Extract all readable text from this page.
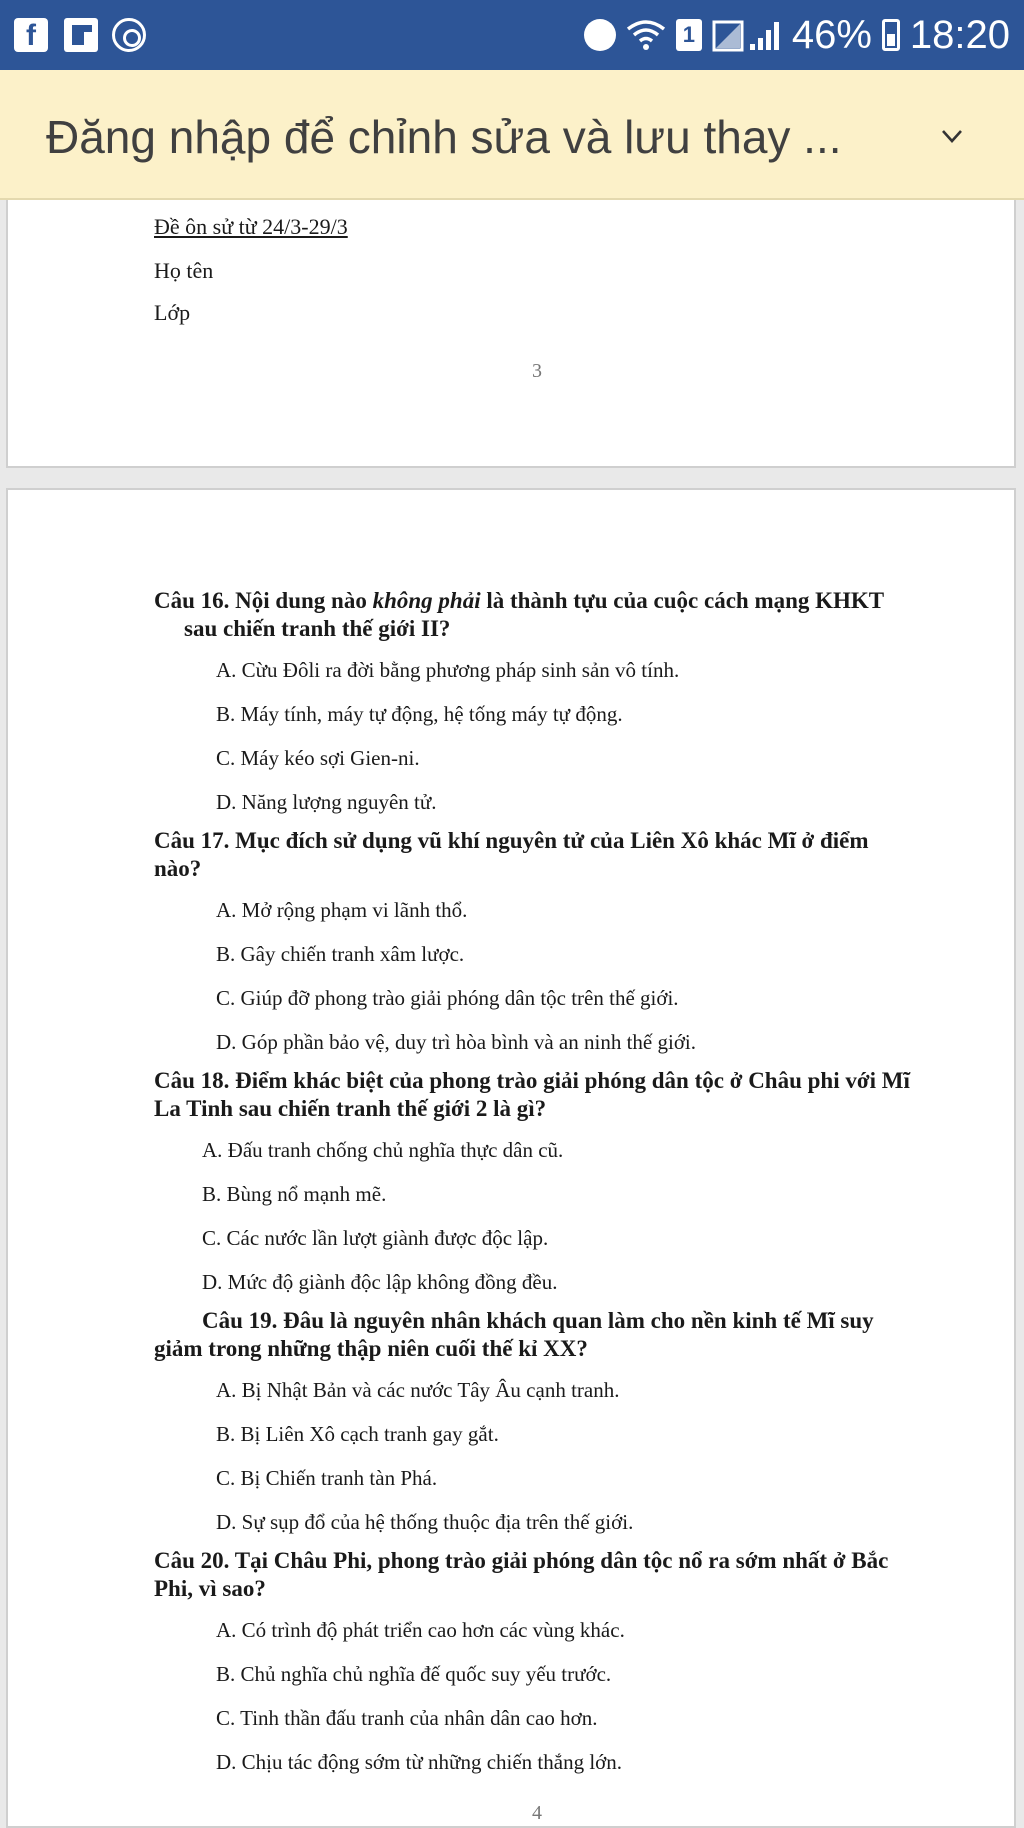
f	1 46% 18:20
Đăng nhập để chỉnh sửa và lưu thay ...
Đề ôn sử từ 24/3-29/3
Họ tên
Lớp
3
Câu 16. Nội dung nào không phải là thành tựu của cuộc cách mạng KHKT
sau chiến tranh thế giới II?
A. Cừu Đôli ra đời bằng phương pháp sinh sản vô tính.
B. Máy tính, máy tự động, hệ tống máy tự động.
C. Máy kéo sợi Gien-ni.
D. Năng lượng nguyên tử.
Câu 17. Mục đích sử dụng vũ khí nguyên tử của Liên Xô khác Mĩ ở điểm
nào?
A. Mở rộng phạm vi lãnh thổ.
B. Gây chiến tranh xâm lược.
C. Giúp đỡ phong trào giải phóng dân tộc trên thế giới.
D. Góp phần bảo vệ, duy trì hòa bình và an ninh thế giới.
Câu 18. Điểm khác biệt của phong trào giải phóng dân tộc ở Châu phi với Mĩ
La Tinh sau chiến tranh thế giới 2 là gì?
A. Đấu tranh chống chủ nghĩa thực dân cũ.
B. Bùng nổ mạnh mẽ.
C. Các nước lần lượt giành được độc lập.
D. Mức độ giành độc lập không đồng đều.
Câu 19. Đâu là nguyên nhân khách quan làm cho nền kinh tế Mĩ suy
giảm trong những thập niên cuối thế kỉ XX?
A. Bị Nhật Bản và các nước Tây Âu cạnh tranh.
B. Bị Liên Xô cạch tranh gay gắt.
C. Bị Chiến tranh tàn Phá.
D. Sự sụp đổ của hệ thống thuộc địa trên thế giới.
Câu 20. Tại Châu Phi, phong trào giải phóng dân tộc nổ ra sớm nhất ở Bắc
Phi, vì sao?
A. Có trình độ phát triển cao hơn các vùng khác.
B. Chủ nghĩa chủ nghĩa đế quốc suy yếu trước.
C. Tinh thần đấu tranh của nhân dân cao hơn.
D. Chịu tác động sớm từ những chiến thắng lớn.
4
